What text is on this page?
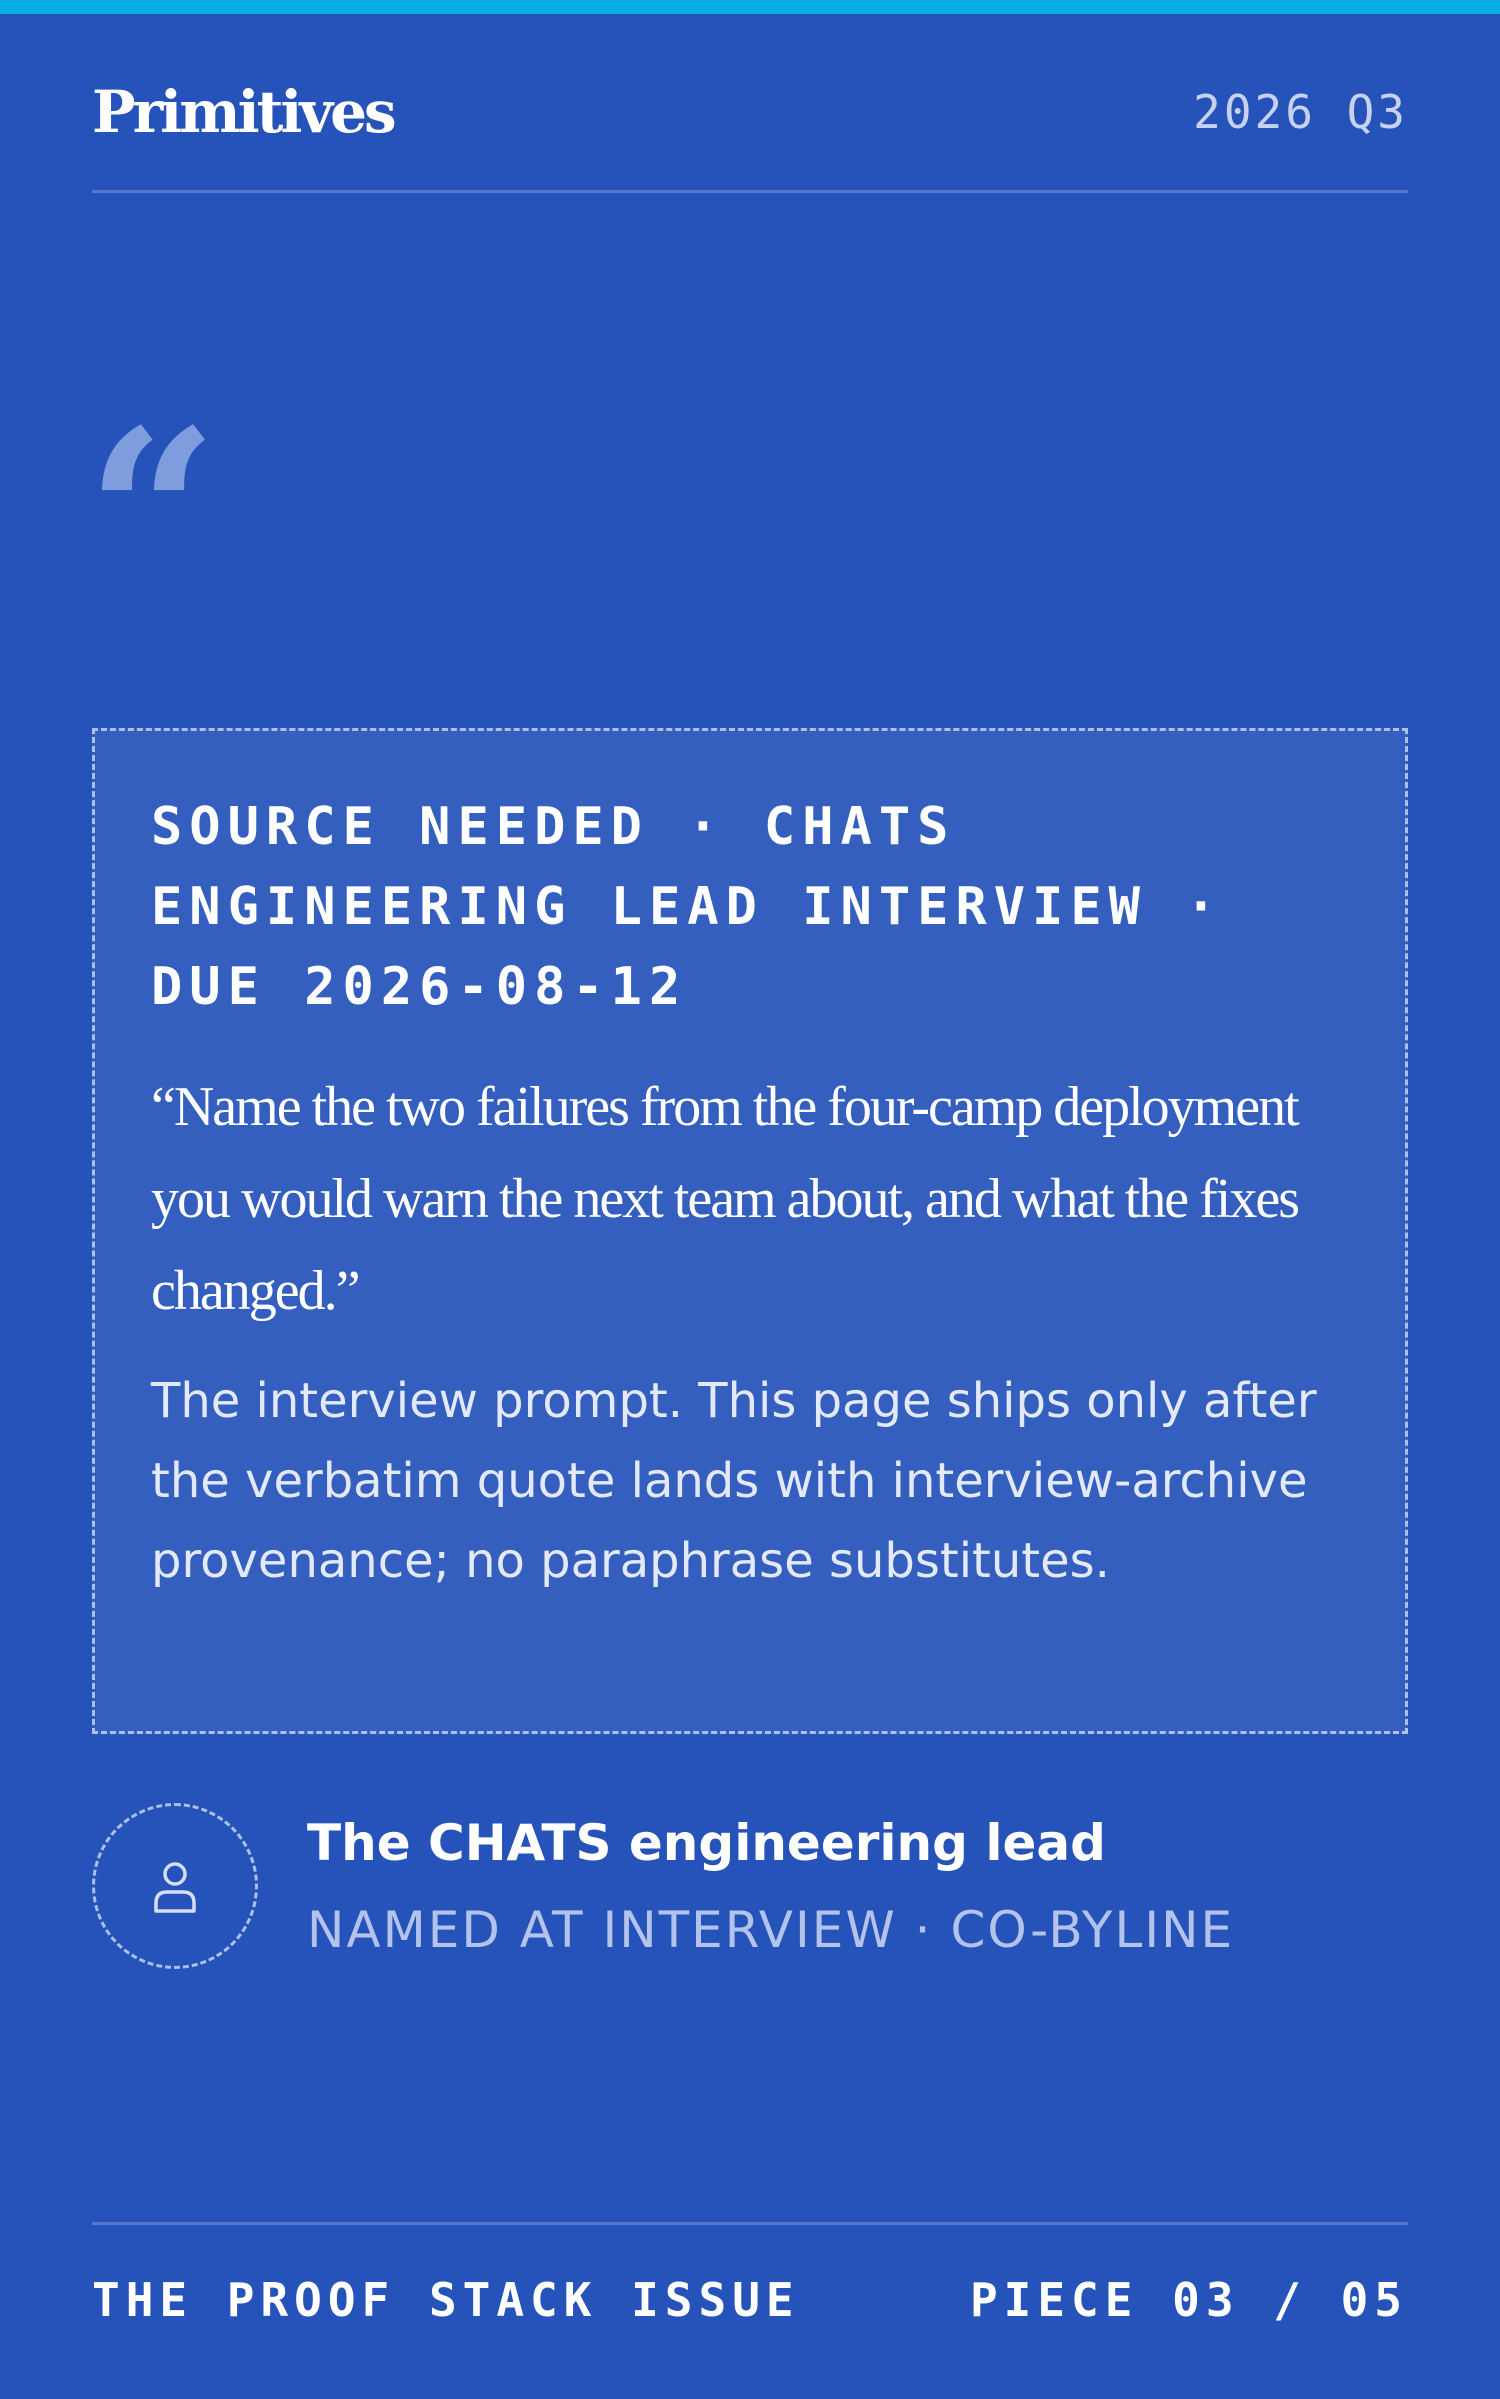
Primitives	2026 Q3
“
SOURCE NEEDED · CHATS ENGINEERING LEAD INTERVIEW · DUE 2026-08-12

“Name the two failures from the four-camp deployment you would warn the next team about, and what the fixes changed.”

The interview prompt. This page ships only after the verbatim quote lands with interview-archive provenance; no paraphrase substitutes.

The CHATS engineering lead
NAMED AT INTERVIEW · CO-BYLINE
THE PROOF STACK ISSUE	PIECE 03 / 05
